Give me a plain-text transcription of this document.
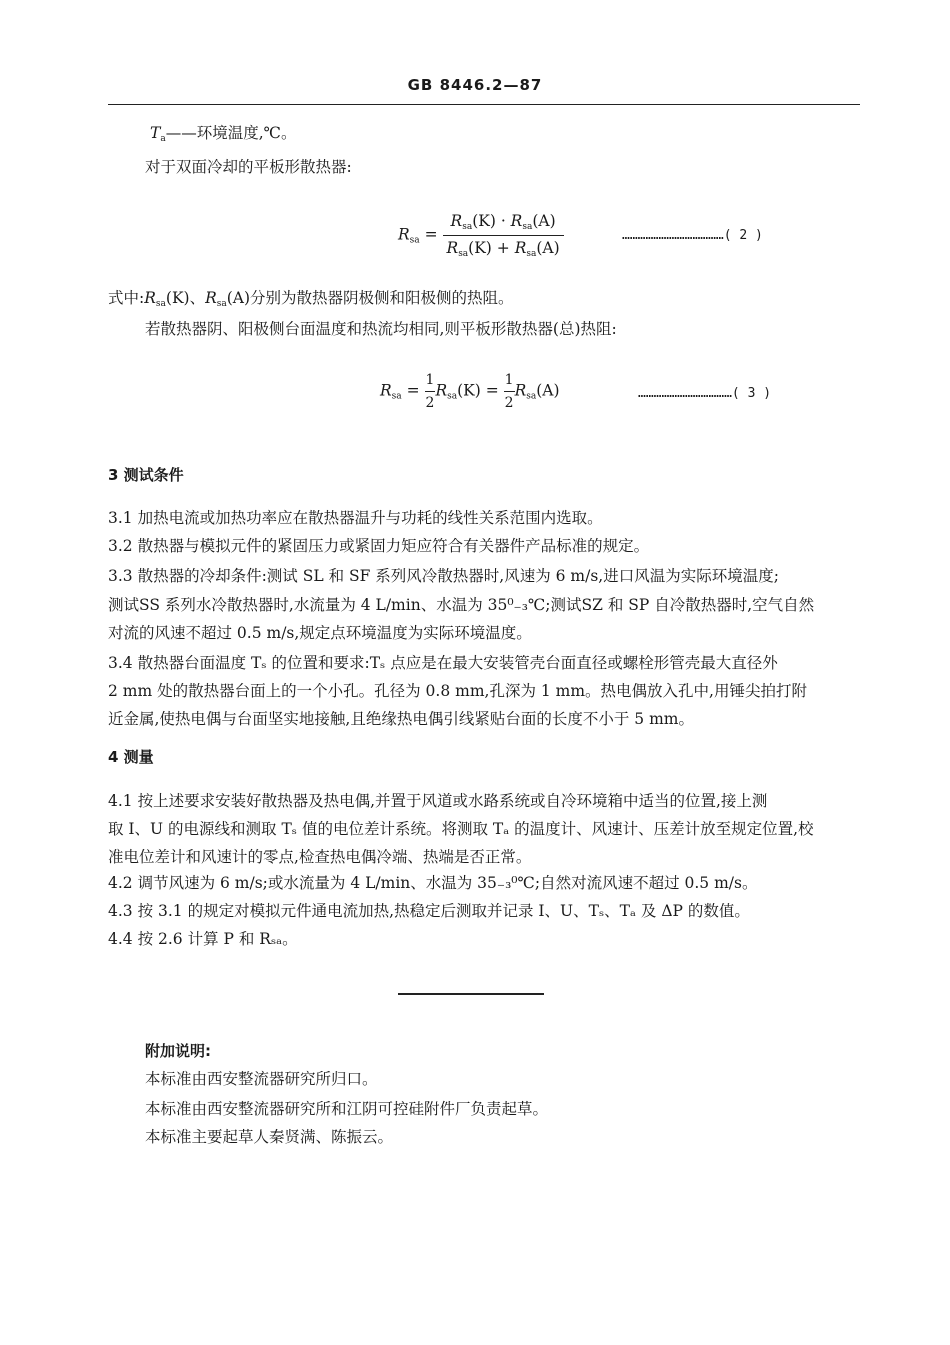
GB 8446.2—87
$T_a——$环境温度,℃。
对于双面冷却的平板形散热器:
$R_{sa} = \frac{R_{sa}(K) \cdot R_{sa}(A)}{R_{sa}(K) + R_{sa}(A)}$	…………………………………( 2 )
式中$:R_{sa}(K)$、$R_{sa}(A)$分别为散热器阴极侧和阳极侧的热阻。
若散热器阴、阳极侧台面温度和热流均相同,则平板形散热器(总)热阻:
$R_{sa} = \frac{1}{2} R_{sa}(K) = \frac{1}{2} R_{sa}(A)$	………………………………( 3 )
3 测试条件
3.1 加热电流或加热功率应在散热器温升与功耗的线性关系范围内选取。
3.2 散热器与模拟元件的紧固压力或紧固力矩应符合有关器件产品标准的规定。
3.3 散热器的冷却条件:测试 SL 和 SF 系列风冷散热器时,风速为 6 m/s,进口风温为实际环境温度;
测试SS 系列水冷散热器时,水流量为 4 L/min、水温为 35⁰₋₃℃;测试SZ 和 SP 自冷散热器时,空气自然
对流的风速不超过 0.5 m/s,规定点环境温度为实际环境温度。
3.4 散热器台面温度 Tₛ 的位置和要求:Tₛ 点应是在最大安装管壳台面直径或螺栓形管壳最大直径外
2 mm 处的散热器台面上的一个小孔。孔径为 0.8 mm,孔深为 1 mm。热电偶放入孔中,用锤尖拍打附
近金属,使热电偶与台面坚实地接触,且绝缘热电偶引线紧贴台面的长度不小于 5 mm。
4 测量
4.1 按上述要求安装好散热器及热电偶,并置于风道或水路系统或自冷环境箱中适当的位置,接上测
取 I、U 的电源线和测取 Tₛ 值的电位差计系统。将测取 Tₐ 的温度计、风速计、压差计放至规定位置,校
准电位差计和风速计的零点,检查热电偶冷端、热端是否正常。
4.2 调节风速为 6 m/s;或水流量为 4 L/min、水温为 35₋₃⁰℃;自然对流风速不超过 0.5 m/s。
4.3 按 3.1 的规定对模拟元件通电流加热,热稳定后测取并记录 I、U、Tₛ、Tₐ 及 ΔP 的数值。
4.4 按 2.6 计算 P 和 Rₛₐ。
附加说明:
本标准由西安整流器研究所归口。
本标准由西安整流器研究所和江阴可控硅附件厂负责起草。
本标准主要起草人秦贤满、陈振云。
